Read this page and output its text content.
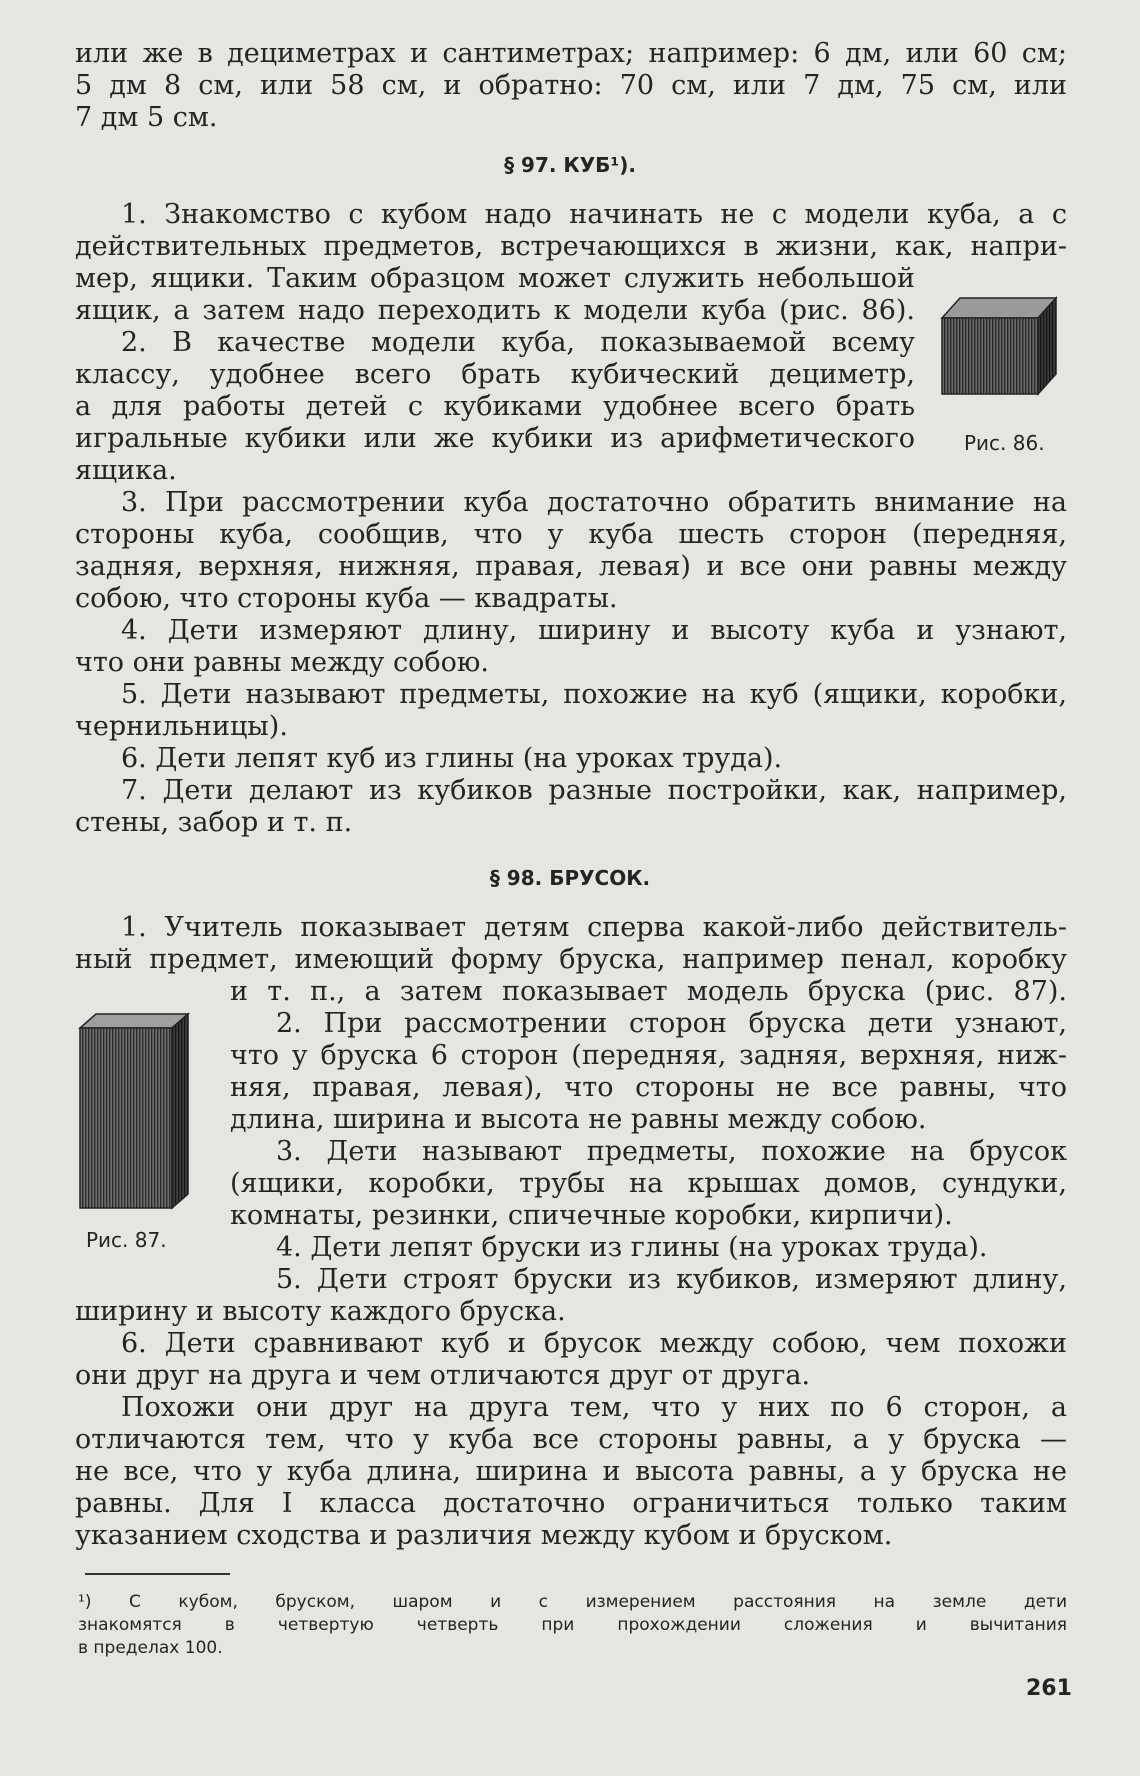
или же в дециметрах и сантиметрах; например: 6 дм, или 60 см;
5 дм 8 см, или 58 см, и обратно: 70 см, или 7 дм, 75 см, или
7 дм 5 см.
§ 97. КУБ¹).
1. Знакомство с кубом надо начинать не с модели куба, а с
действительных предметов, встречающихся в жизни, как, напри-
мер, ящики. Таким образцом может служить небольшой
ящик, а затем надо переходить к модели куба (рис. 86).
2. В качестве модели куба, показываемой всему
классу, удобнее всего брать кубический дециметр,
а для работы детей с кубиками удобнее всего брать
игральные кубики или же кубики из арифметического
ящика.
3. При рассмотрении куба достаточно обратить внимание на
стороны куба, сообщив, что у куба шесть сторон (передняя,
задняя, верхняя, нижняя, правая, левая) и все они равны между
собою, что стороны куба — квадраты.
4. Дети измеряют длину, ширину и высоту куба и узнают,
что они равны между собою.
5. Дети называют предметы, похожие на куб (ящики, коробки,
чернильницы).
6. Дети лепят куб из глины (на уроках труда).
7. Дети делают из кубиков разные постройки, как, например,
стены, забор и т. п.
Рис. 86.
§ 98. БРУСОК.
1. Учитель показывает детям сперва какой-либо действитель-
ный предмет, имеющий форму бруска, например пенал, коробку
и т. п., а затем показывает модель бруска (рис. 87).
2. При рассмотрении сторон бруска дети узнают,
что у бруска 6 сторон (передняя, задняя, верхняя, ниж-
няя, правая, левая), что стороны не все равны, что
длина, ширина и высота не равны между собою.
3. Дети называют предметы, похожие на брусок
(ящики, коробки, трубы на крышах домов, сундуки,
комнаты, резинки, спичечные коробки, кирпичи).
4. Дети лепят бруски из глины (на уроках труда).
5. Дети строят бруски из кубиков, измеряют длину,
ширину и высоту каждого бруска.
6. Дети сравнивают куб и брусок между собою, чем похожи
они друг на друга и чем отличаются друг от друга.
Похожи они друг на друга тем, что у них по 6 сторон, а
отличаются тем, что у куба все стороны равны, а у бруска —
не все, что у куба длина, ширина и высота равны, а у бруска не
равны. Для I класса достаточно ограничиться только таким
указанием сходства и различия между кубом и бруском.
Рис. 87.
¹) С кубом, бруском, шаром и с измерением расстояния на земле дети
знакомятся в четвертую четверть при прохождении сложения и вычитания
в пределах 100.
261
